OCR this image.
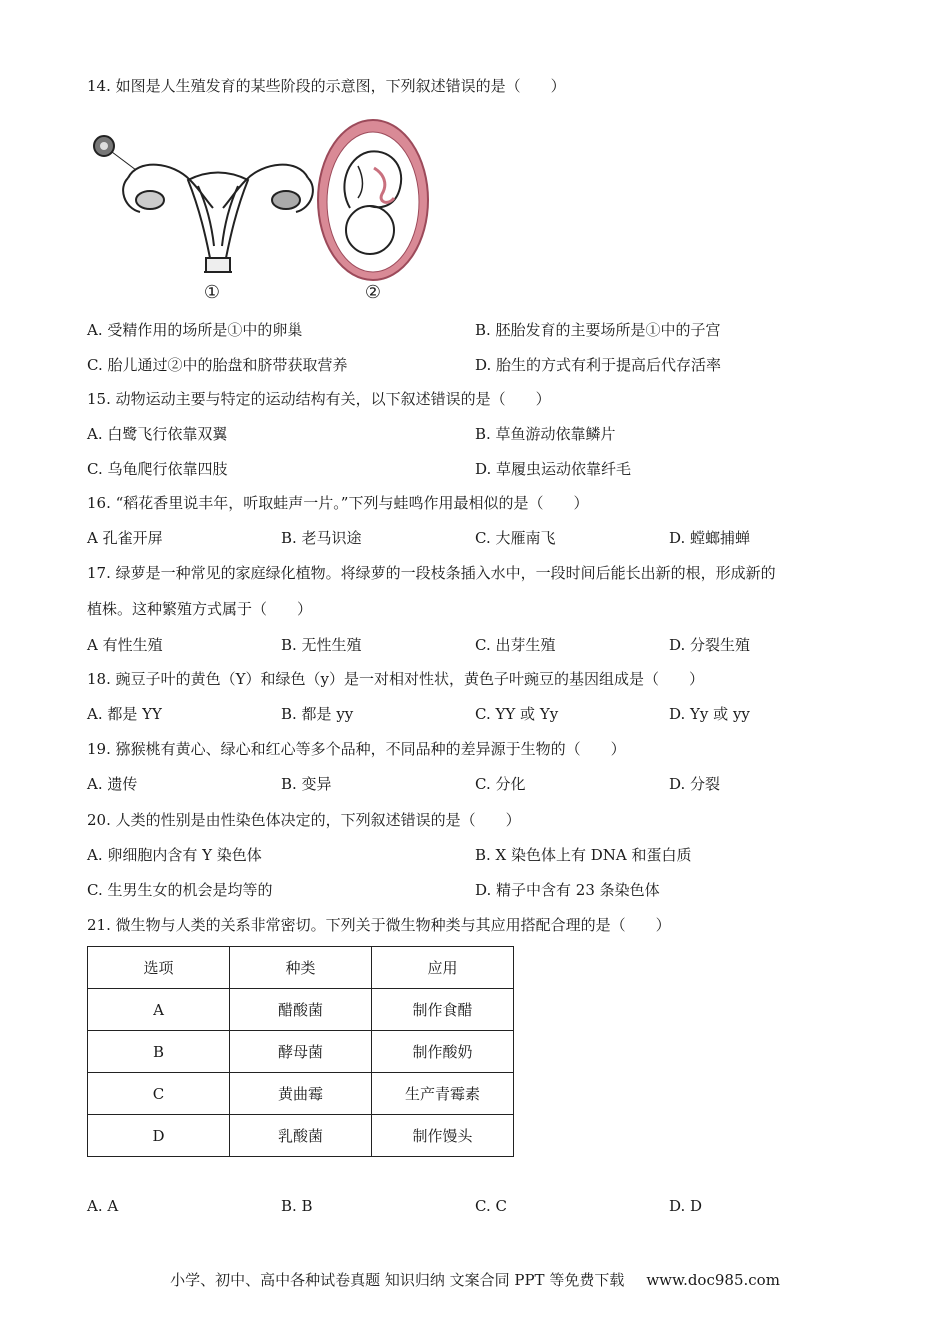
14. 如图是人生殖发育的某些阶段的示意图，下列叙述错误的是（　　）
①	②
A. 受精作用的场所是①中的卵巢	B. 胚胎发育的主要场所是①中的子宫
C. 胎儿通过②中的胎盘和脐带获取营养	D. 胎生的方式有利于提高后代存活率
15. 动物运动主要与特定的运动结构有关，以下叙述错误的是（　　）
A. 白鹭飞行依靠双翼	B. 草鱼游动依靠鳞片
C. 乌龟爬行依靠四肢	D. 草履虫运动依靠纤毛
16. “稻花香里说丰年，听取蛙声一片。”下列与蛙鸣作用最相似的是（　　）
A 孔雀开屏	B. 老马识途	C. 大雁南飞	D. 螳螂捕蝉
17. 绿萝是一种常见的家庭绿化植物。将绿萝的一段枝条插入水中，一段时间后能长出新的根，形成新的
植株。这种繁殖方式属于（　　）
A 有性生殖	B. 无性生殖	C. 出芽生殖	D. 分裂生殖
18. 豌豆子叶的黄色（Y）和绿色（y）是一对相对性状，黄色子叶豌豆的基因组成是（　　）
A. 都是 YY	B. 都是 yy	C. YY 或 Yy	D. Yy 或 yy
19. 猕猴桃有黄心、绿心和红心等多个品种，不同品种的差异源于生物的（　　）
A. 遗传	B. 变异	C. 分化	D. 分裂
20. 人类的性别是由性染色体决定的，下列叙述错误的是（　　）
A. 卵细胞内含有 Y 染色体	B. X 染色体上有 DNA 和蛋白质
C. 生男生女的机会是均等的	D. 精子中含有 23 条染色体
21. 微生物与人类的关系非常密切。下列关于微生物种类与其应用搭配合理的是（　　）
选项	种类	应用
A	醋酸菌	制作食醋
B	酵母菌	制作酸奶
C	黄曲霉	生产青霉素
D	乳酸菌	制作馒头
A. A	B. B	C. C	D. D
小学、初中、高中各种试卷真题 知识归纳 文案合同 PPT 等免费下载 www.doc985.com
